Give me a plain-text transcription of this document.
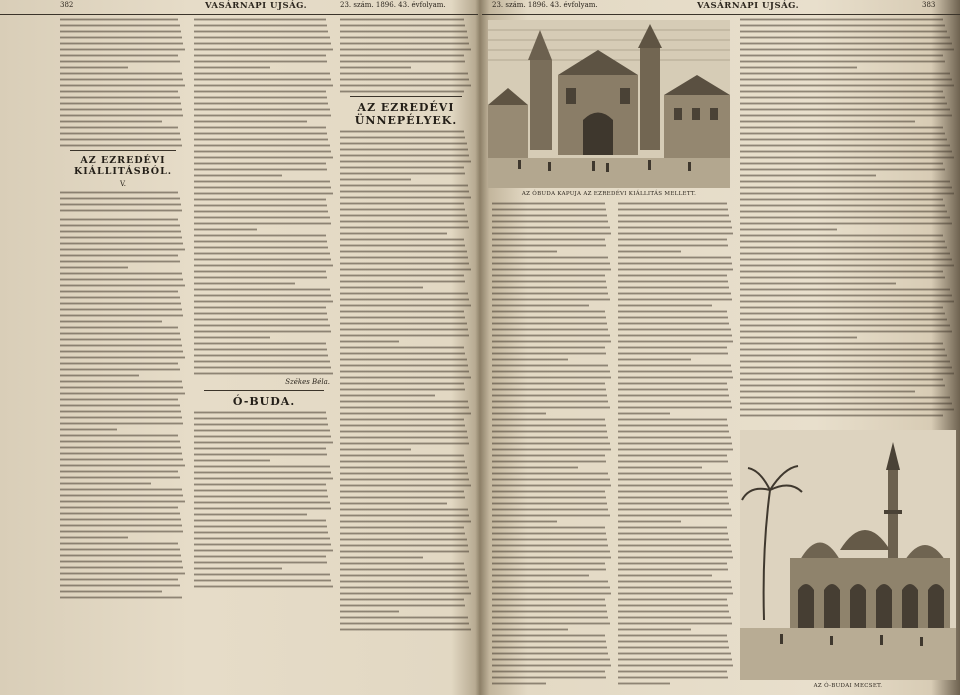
382	VASÁRNAPI UJSÁG.	23. szám. 1896. 43. évfolyam.
AZ EZREDÉVI KIÁLLITÁSBÓL.
V.
Székes Béla.
Ó-BUDA.
AZ EZREDÉVI ÜNNEPÉLYEK.
23. szám. 1896. 43. évfolyam.	VASÁRNAPI UJSÁG.	383
AZ ÓBUDA KAPUJA AZ EZREDÉVI KIÁLLITÁS MELLETT.
AZ Ó-BUDAI MECSET.
